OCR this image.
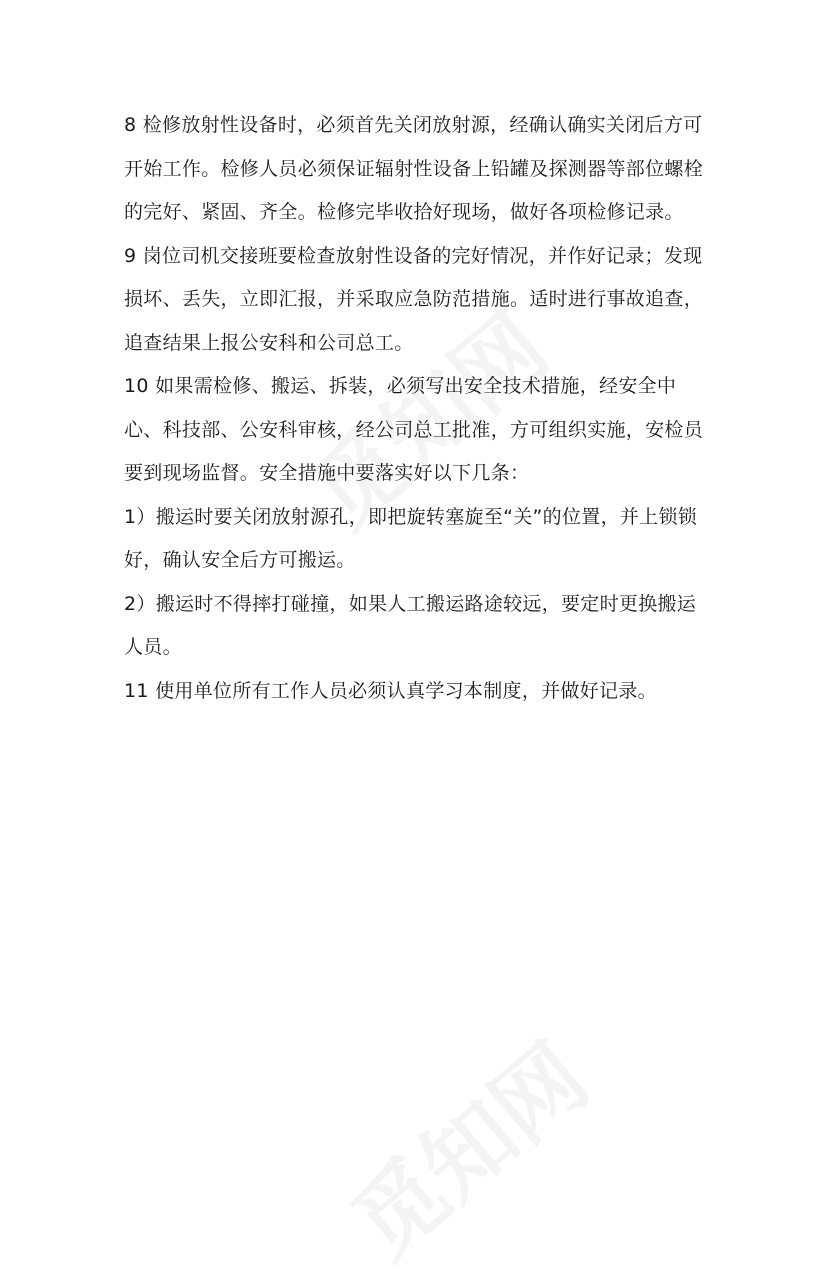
8 检修放射性设备时，必须首先关闭放射源，经确认确实关闭后方可开始工作。检修人员必须保证辐射性设备上铅罐及探测器等部位螺栓的完好、紧固、齐全。检修完毕收拾好现场，做好各项检修记录。

9 岗位司机交接班要检查放射性设备的完好情况，并作好记录；发现损坏、丢失，立即汇报，并采取应急防范措施。适时进行事故追查，追查结果上报公安科和公司总工。

10 如果需检修、搬运、拆装，必须写出安全技术措施，经安全中心、科技部、公安科审核，经公司总工批准，方可组织实施，安检员要到现场监督。安全措施中要落实好以下几条：

1）搬运时要关闭放射源孔，即把旋转塞旋至“关”的位置，并上锁锁好，确认安全后方可搬运。

2）搬运时不得摔打碰撞，如果人工搬运路途较远，要定时更换搬运人员。

11 使用单位所有工作人员必须认真学习本制度，并做好记录。
